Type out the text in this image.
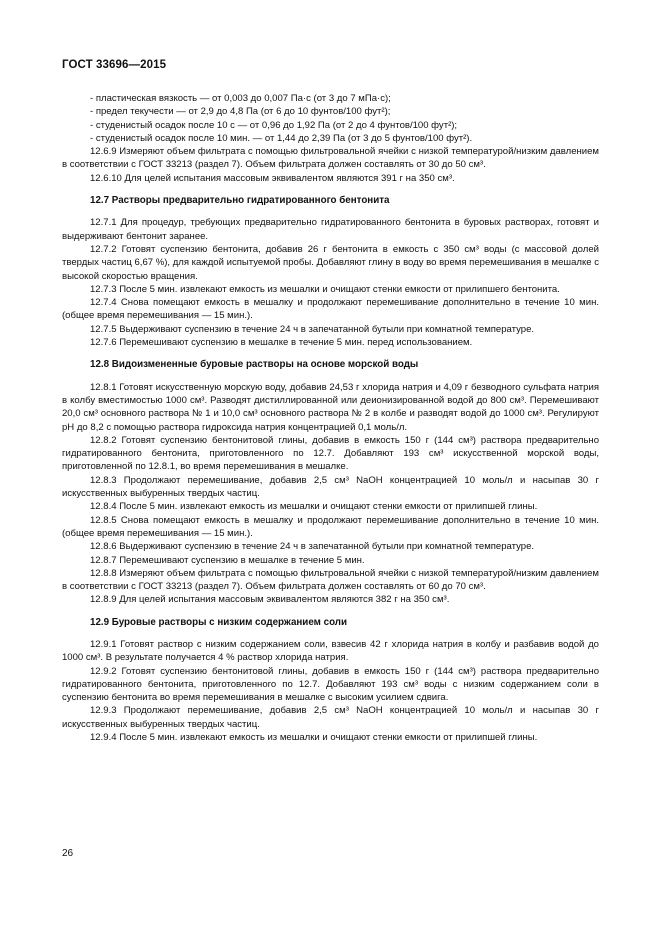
ГОСТ 33696—2015

- пластическая вязкость — от 0,003 до 0,007 Па·с (от 3 до 7 мПа·с);

- предел текучести — от 2,9 до 4,8 Па (от 6 до 10 фунтов/100 фут²);

- студенистый осадок после 10 с — от 0,96 до 1,92 Па (от 2 до 4 фунтов/100 фут²);

- студенистый осадок после 10 мин. — от 1,44 до 2,39 Па (от 3 до 5 фунтов/100 фут²).

12.6.9 Измеряют объем фильтрата с помощью фильтровальной ячейки с низкой температурой/низким давлением в соответствии с ГОСТ 33213 (раздел 7). Объем фильтрата должен составлять от 30 до 50 см³.

12.6.10 Для целей испытания массовым эквивалентом являются 391 г на 350 см³.

12.7 Растворы предварительно гидратированного бентонита

12.7.1 Для процедур, требующих предварительно гидратированного бентонита в буровых растворах, готовят и выдерживают бентонит заранее.

12.7.2 Готовят суспензию бентонита, добавив 26 г бентонита в емкость с 350 см³ воды (с массовой долей твердых частиц 6,67 %), для каждой испытуемой пробы. Добавляют глину в воду во время перемешивания в мешалке с высокой скоростью вращения.

12.7.3 После 5 мин. извлекают емкость из мешалки и очищают стенки емкости от прилипшего бентонита.

12.7.4 Снова помещают емкость в мешалку и продолжают перемешивание дополнительно в течение 10 мин. (общее время перемешивания — 15 мин.).

12.7.5 Выдерживают суспензию в течение 24 ч в запечатанной бутыли при комнатной температуре.

12.7.6 Перемешивают суспензию в мешалке в течение 5 мин. перед использованием.

12.8 Видоизмененные буровые растворы на основе морской воды

12.8.1 Готовят искусственную морскую воду, добавив 24,53 г хлорида натрия и 4,09 г безводного сульфата натрия в колбу вместимостью 1000 см³. Разводят дистиллированной или деионизированной водой до 800 см³. Перемешивают 20,0 см³ основного раствора № 1 и 10,0 см³ основного раствора № 2 в колбе и разводят водой до 1000 см³. Регулируют pH до 8,2 с помощью раствора гидроксида натрия концентрацией 0,1 моль/л.

12.8.2 Готовят суспензию бентонитовой глины, добавив в емкость 150 г (144 см³) раствора предварительно гидратированного бентонита, приготовленного по 12.7. Добавляют 193 см³ искусственной морской воды, приготовленной по 12.8.1, во время перемешивания в мешалке.

12.8.3 Продолжают перемешивание, добавив 2,5 см³ NaOH концентрацией 10 моль/л и насыпав 30 г искусственных выбуренных твердых частиц.

12.8.4 После 5 мин. извлекают емкость из мешалки и очищают стенки емкости от прилипшей глины.

12.8.5 Снова помещают емкость в мешалку и продолжают перемешивание дополнительно в течение 10 мин. (общее время перемешивания — 15 мин.).

12.8.6 Выдерживают суспензию в течение 24 ч в запечатанной бутыли при комнатной температуре.

12.8.7 Перемешивают суспензию в мешалке в течение 5 мин.

12.8.8 Измеряют объем фильтрата с помощью фильтровальной ячейки с низкой температурой/низким давлением в соответствии с ГОСТ 33213 (раздел 7). Объем фильтрата должен составлять от 60 до 70 см³.

12.8.9 Для целей испытания массовым эквивалентом являются 382 г на 350 см³.

12.9 Буровые растворы с низким содержанием соли

12.9.1 Готовят раствор с низким содержанием соли, взвесив 42 г хлорида натрия в колбу и разбавив водой до 1000 см³. В результате получается 4 % раствор хлорида натрия.

12.9.2 Готовят суспензию бентонитовой глины, добавив в емкость 150 г (144 см³) раствора предварительно гидратированного бентонита, приготовленного по 12.7. Добавляют 193 см³ воды с низким содержанием соли в суспензию бентонита во время перемешивания в мешалке с высоким усилием сдвига.

12.9.3 Продолжают перемешивание, добавив 2,5 см³ NaOH концентрацией 10 моль/л и насыпав 30 г искусственных выбуренных твердых частиц.

12.9.4 После 5 мин. извлекают емкость из мешалки и очищают стенки емкости от прилипшей глины.

26
